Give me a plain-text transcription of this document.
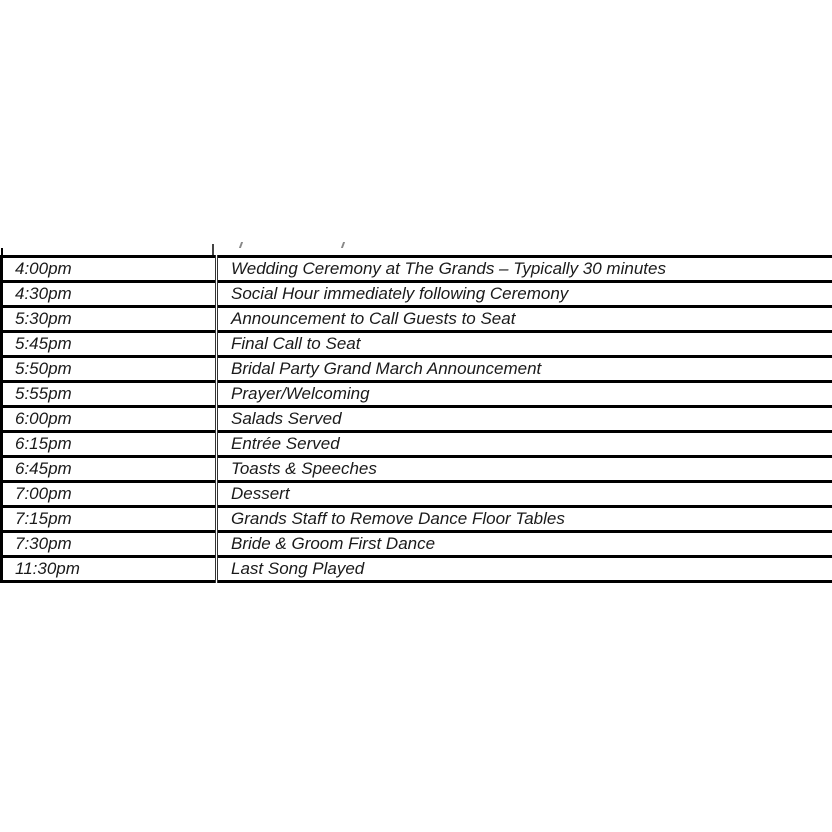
4:00pm	Wedding Ceremony at The Grands – Typically 30 minutes
4:30pm	Social Hour immediately following Ceremony
5:30pm	Announcement to Call Guests to Seat
5:45pm	Final Call to Seat
5:50pm	Bridal Party Grand March Announcement
5:55pm	Prayer/Welcoming
6:00pm	Salads Served
6:15pm	Entrée Served
6:45pm	Toasts & Speeches
7:00pm	Dessert
7:15pm	Grands Staff to Remove Dance Floor Tables
7:30pm	Bride & Groom First Dance
11:30pm	Last Song Played
